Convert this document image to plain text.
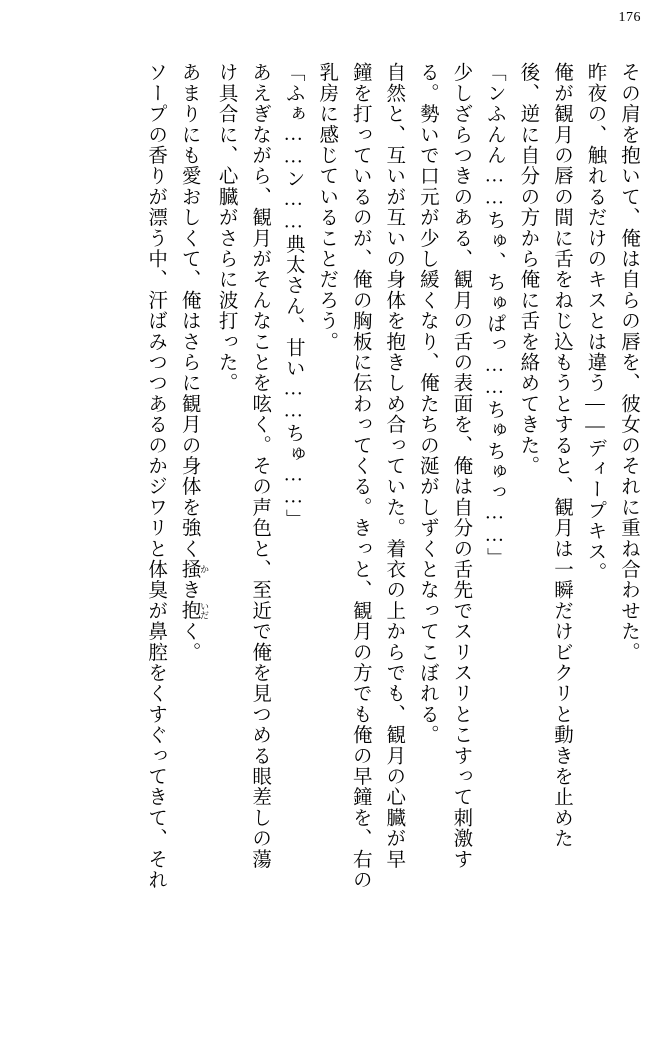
176

その肩を抱いて、俺は自らの唇を、彼女のそれに重ね合わせた。

昨夜の、触れるだけのキスとは違う――ディープキス。

俺が観月の唇の間に舌をねじ込もうとすると、観月は一瞬だけビクリと動きを止めた

後、逆に自分の方から俺に舌を絡めてきた。

「ンふんん……ちゅ、ちゅぱっ……ちゅちゅっ……」

少しざらつきのある、観月の舌の表面を、俺は自分の舌先でスリスリとこすって刺激す

る。勢いで口元が少し緩くなり、俺たちの涎がしずくとなってこぼれる。

自然と、互いが互いの身体を抱きしめ合っていた。着衣の上からでも、観月の心臓が早

鐘を打っているのが、俺の胸板に伝わってくる。きっと、観月の方でも俺の早鐘を、右の

乳房に感じていることだろう。

「ふぁ……ン……典太さん、甘い……ちゅ……」

あえぎながら、観月がそんなことを呟く。その声色と、至近で俺を見つめる眼差しの蕩

け具合に、心臓がさらに波打った。

あまりにも愛おしくて、俺はさらに観月の身体を強く掻 かき抱 いだく。

ソープの香りが漂う中、汗ばみつつあるのかジワリと体臭が鼻腔をくすぐってきて、それ
